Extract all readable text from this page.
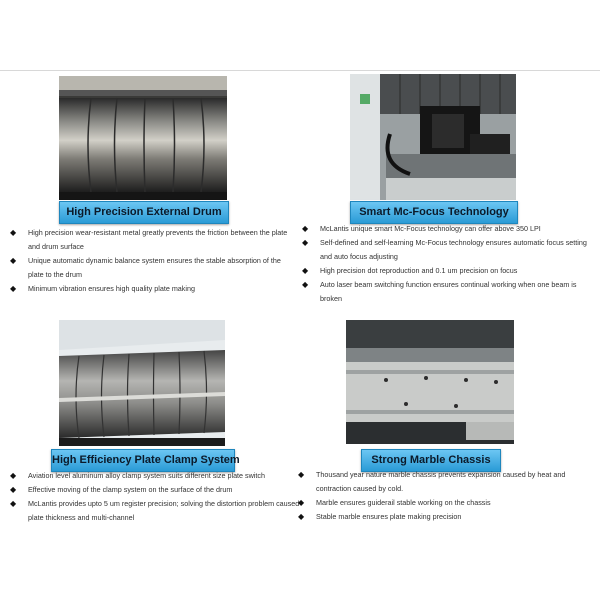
High Precision External Drum
◆ High precision wear-resistant metal greatly prevents the friction between the plate and drum surface
◆ Unique automatic dynamic balance system ensures the stable absorption of the plate to the drum
◆ Minimum vibration ensures high quality plate making
Smart Mc-Focus Technology
◆ McLantis unique smart Mc-Focus technology can offer above 350 LPI
◆ Self-defined and self-learning Mc-Focus technology ensures automatic focus setting and auto focus adjusting
◆ High precision dot reproduction and 0.1 um precision on focus
◆ Auto laser beam switching function ensures continual working when one beam is broken
High Efficiency Plate Clamp System
◆ Aviation level aluminum alloy clamp system suits different size plate switch
◆ Effective moving of the clamp system on the surface of the drum
◆ McLantis provides upto 5 um register precision; solving the distortion problem caused plate thickness and multi-channel
Strong Marble Chassis
◆ Thousand year nature marble chassis prevents expansion caused by heat and contraction caused by cold.
◆ Marble ensures guiderail stable working on the chassis
◆ Stable marble ensures plate making precision
